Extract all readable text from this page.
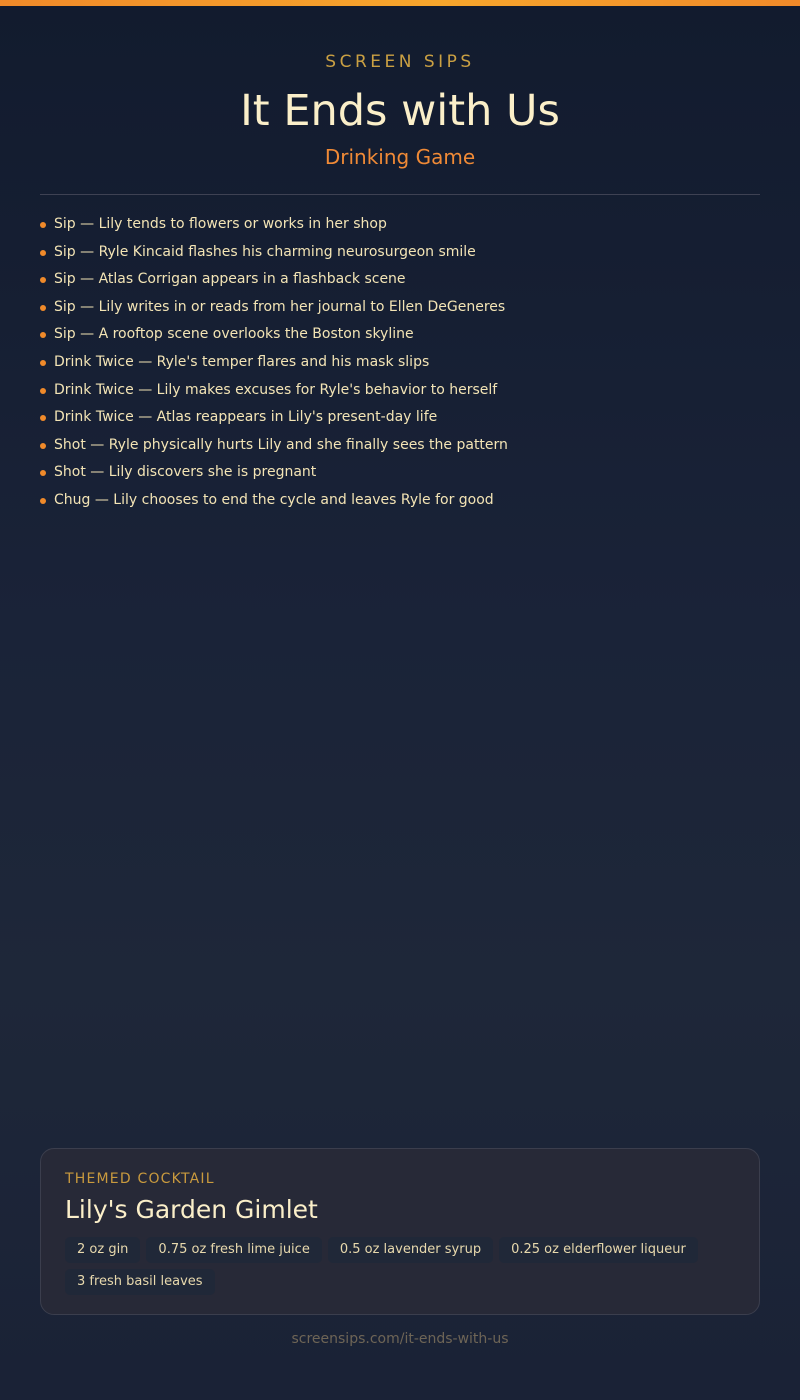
SCREEN SIPS
It Ends with Us
Drinking Game
Sip — Lily tends to flowers or works in her shop
Sip — Ryle Kincaid flashes his charming neurosurgeon smile
Sip — Atlas Corrigan appears in a flashback scene
Sip — Lily writes in or reads from her journal to Ellen DeGeneres
Sip — A rooftop scene overlooks the Boston skyline
Drink Twice — Ryle's temper flares and his mask slips
Drink Twice — Lily makes excuses for Ryle's behavior to herself
Drink Twice — Atlas reappears in Lily's present-day life
Shot — Ryle physically hurts Lily and she finally sees the pattern
Shot — Lily discovers she is pregnant
Chug — Lily chooses to end the cycle and leaves Ryle for good
THEMED COCKTAIL
Lily's Garden Gimlet
2 oz gin 0.75 oz fresh lime juice 0.5 oz lavender syrup 0.25 oz elderflower liqueur3 fresh basil leaves
screensips.com/it-ends-with-us
